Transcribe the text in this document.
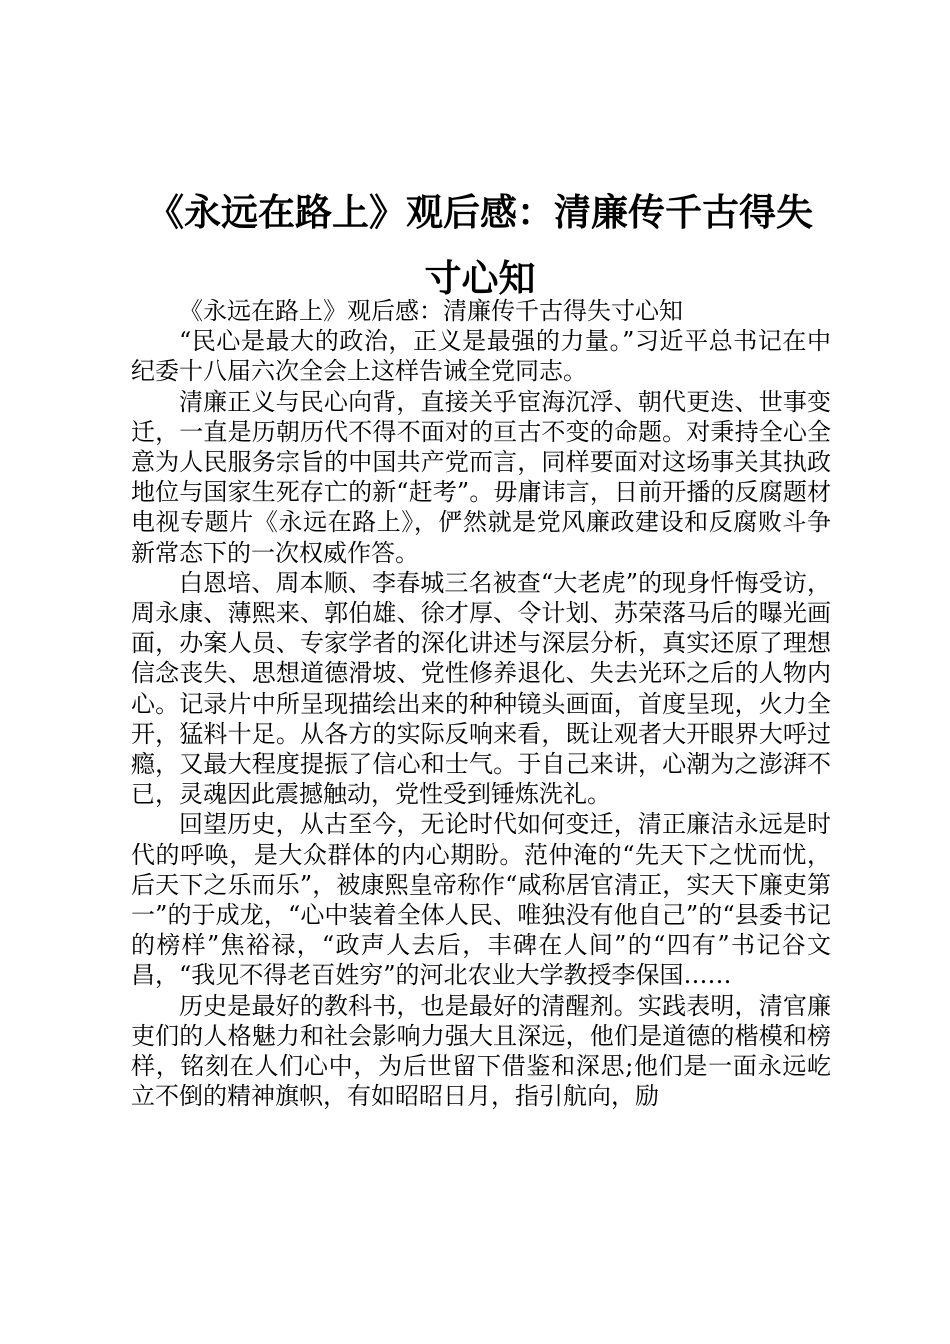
《永远在路上》观后感：清廉传千古得失寸心知

《永远在路上》观后感：清廉传千古得失寸心知

“民心是最大的政治，正义是最强的力量。”习近平总书记在中纪委十八届六次全会上这样告诫全党同志。

清廉正义与民心向背，直接关乎宦海沉浮、朝代更迭、世事变迁，一直是历朝历代不得不面对的亘古不变的命题。对秉持全心全意为人民服务宗旨的中国共产党而言，同样要面对这场事关其执政地位与国家生死存亡的新“赶考”。毋庸讳言，日前开播的反腐题材电视专题片《永远在路上》，俨然就是党风廉政建设和反腐败斗争新常态下的一次权威作答。

白恩培、周本顺、李春城三名被查“大老虎”的现身忏悔受访，周永康、薄熙来、郭伯雄、徐才厚、令计划、苏荣落马后的曝光画面，办案人员、专家学者的深化讲述与深层分析，真实还原了理想信念丧失、思想道德滑坡、党性修养退化、失去光环之后的人物内心。记录片中所呈现描绘出来的种种镜头画面，首度呈现，火力全开，猛料十足。从各方的实际反响来看，既让观者大开眼界大呼过瘾，又最大程度提振了信心和士气。于自己来讲，心潮为之澎湃不已，灵魂因此震撼触动，党性受到锤炼洗礼。

回望历史，从古至今，无论时代如何变迁，清正廉洁永远是时代的呼唤，是大众群体的内心期盼。范仲淹的“先天下之忧而忧，后天下之乐而乐”，被康熙皇帝称作“咸称居官清正，实天下廉吏第一”的于成龙，“心中装着全体人民、唯独没有他自己”的“县委书记的榜样”焦裕禄，“政声人去后，丰碑在人间”的“四有”书记谷文昌，“我见不得老百姓穷”的河北农业大学教授李保国……

历史是最好的教科书，也是最好的清醒剂。实践表明，清官廉吏们的人格魅力和社会影响力强大且深远，他们是道德的楷模和榜样，铭刻在人们心中，为后世留下借鉴和深思;他们是一面永远屹立不倒的精神旗帜，有如昭昭日月，指引航向，励
